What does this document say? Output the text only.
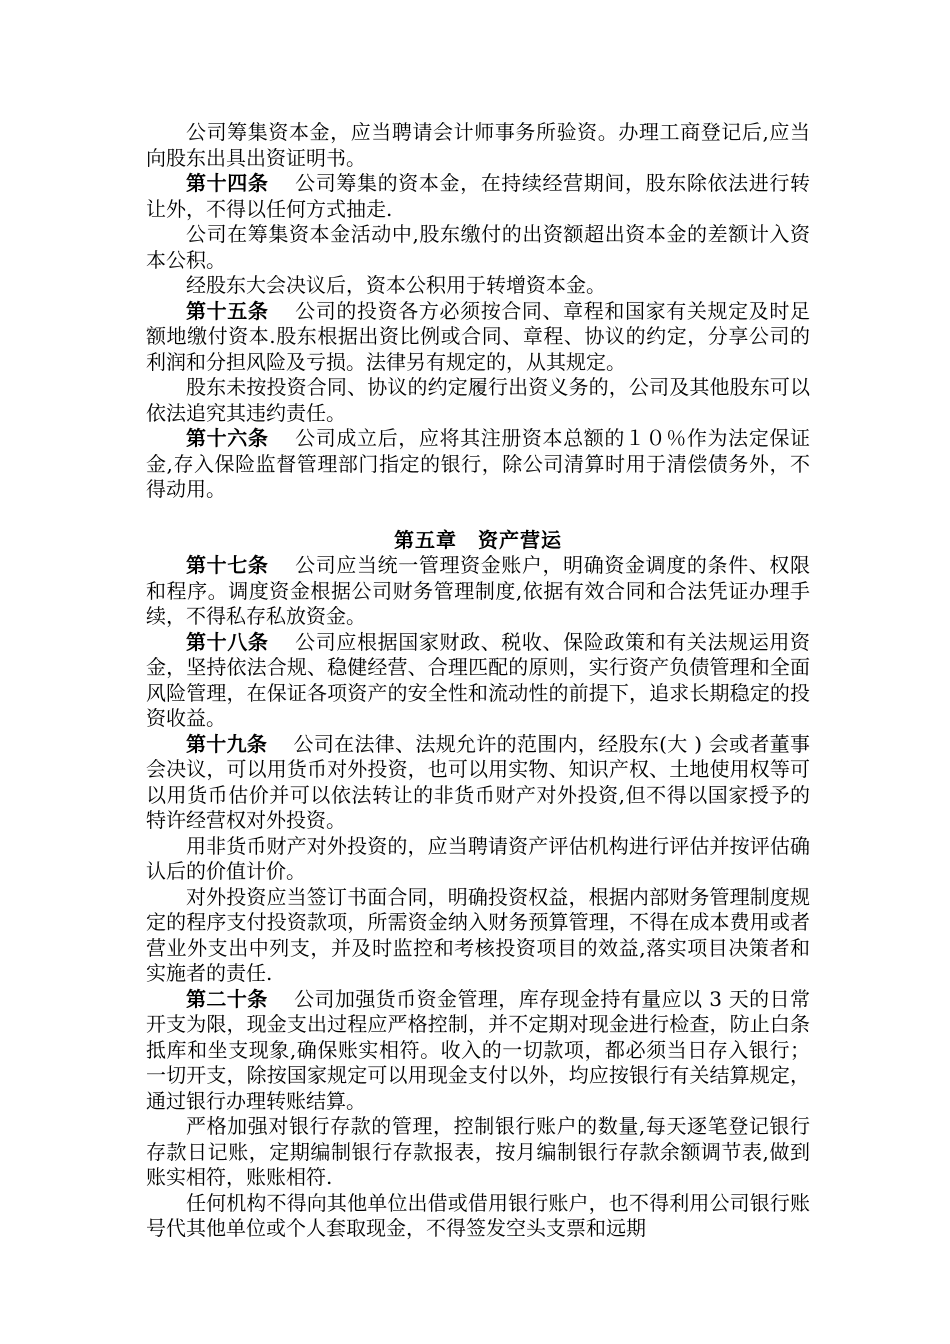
公司筹集资本金，应当聘请会计师事务所验资。办理工商登记后,应当向股东出具出资证明书。

第十四条 公司筹集的资本金，在持续经营期间，股东除依法进行转让外，不得以任何方式抽走.

公司在筹集资本金活动中,股东缴付的出资额超出资本金的差额计入资本公积。

经股东大会决议后，资本公积用于转增资本金。

第十五条 公司的投资各方必须按合同、章程和国家有关规定及时足额地缴付资本.股东根据出资比例或合同、章程、协议的约定，分享公司的利润和分担风险及亏损。法律另有规定的，从其规定。

股东未按投资合同、协议的约定履行出资义务的，公司及其他股东可以依法追究其违约责任。

第十六条 公司成立后，应将其注册资本总额的１０％作为法定保证金,存入保险监督管理部门指定的银行，除公司清算时用于清偿债务外，不得动用。

第五章　资产营运

第十七条 公司应当统一管理资金账户，明确资金调度的条件、权限和程序。调度资金根据公司财务管理制度,依据有效合同和合法凭证办理手续，不得私存私放资金。

第十八条 公司应根据国家财政、税收、保险政策和有关法规运用资金，坚持依法合规、稳健经营、合理匹配的原则，实行资产负债管理和全面风险管理，在保证各项资产的安全性和流动性的前提下，追求长期稳定的投资收益。

第十九条 公司在法律、法规允许的范围内，经股东(大 ) 会或者董事会决议，可以用货币对外投资，也可以用实物、知识产权、土地使用权等可以用货币估价并可以依法转让的非货币财产对外投资,但不得以国家授予的特许经营权对外投资。

用非货币财产对外投资的，应当聘请资产评估机构进行评估并按评估确认后的价值计价。

对外投资应当签订书面合同，明确投资权益，根据内部财务管理制度规定的程序支付投资款项，所需资金纳入财务预算管理，不得在成本费用或者营业外支出中列支，并及时监控和考核投资项目的效益,落实项目决策者和实施者的责任.

第二十条 公司加强货币资金管理，库存现金持有量应以 3 天的日常开支为限，现金支出过程应严格控制，并不定期对现金进行检查，防止白条抵库和坐支现象,确保账实相符。收入的一切款项，都必须当日存入银行；一切开支，除按国家规定可以用现金支付以外，均应按银行有关结算规定，通过银行办理转账结算。

严格加强对银行存款的管理，控制银行账户的数量,每天逐笔登记银行存款日记账，定期编制银行存款报表，按月编制银行存款余额调节表,做到账实相符，账账相符.

任何机构不得向其他单位出借或借用银行账户，也不得利用公司银行账号代其他单位或个人套取现金，不得签发空头支票和远期
